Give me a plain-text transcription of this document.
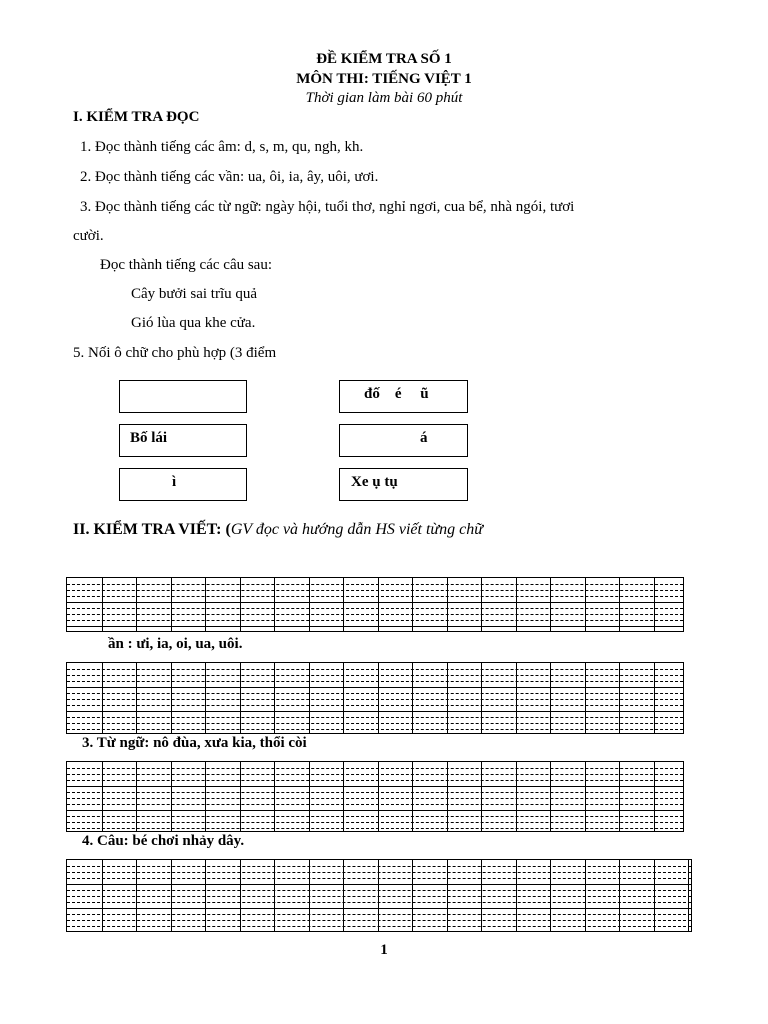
ĐỀ KIỂM TRA SỐ 1
MÔN THI: TIẾNG VIỆT 1
Thời gian làm bài 60 phút
I. KIỂM TRA ĐỌC
1. Đọc thành tiếng các âm: d, s, m, qu, ngh, kh.
2. Đọc thành tiếng các vần: ua, ôi, ia, ây, uôi, ươi.
3. Đọc thành tiếng các từ ngữ: ngày hội, tuổi thơ, nghỉ ngơi, cua bể, nhà ngói, tươi
cười.
Đọc thành tiếng các câu sau:
Cây bưởi sai trĩu quả
Gió lùa qua khe cửa.
5. Nối ô chữ cho phù hợp (3 điểm
Bố lái
ì
đố    é     ũ
á
Xe ụ tụ
II. KIỂM TRA VIẾT: (GV đọc và hướng dẫn HS viết từng chữ
ần : ưi, ia, oi, ua, uôi.
3. Từ ngữ: nô đùa, xưa kia, thổi còi
4. Câu: bé chơi nhảy dây.
1
